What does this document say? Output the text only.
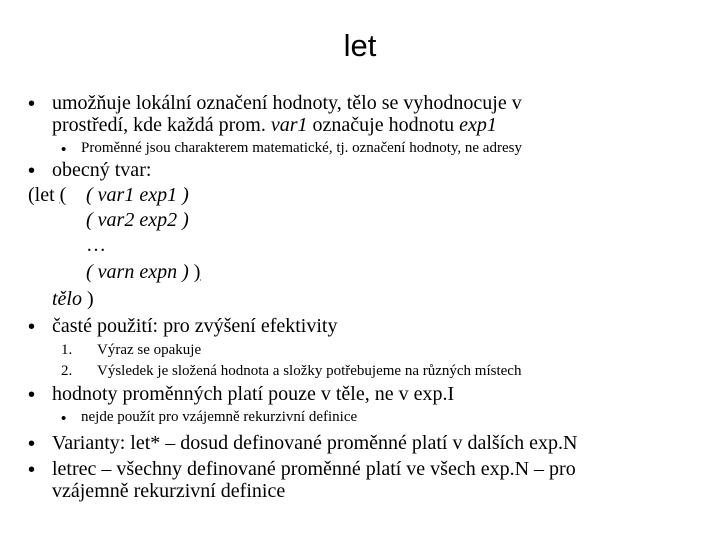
let
• umožňuje lokální označení hodnoty, tělo se vyhodnocuje v
prostředí, kde každá prom. var1 označuje hodnotu exp1
• Proměnné jsou charakterem matematické, tj. označení hodnoty, ne adresy
• obecný tvar:
(let ( ( var1 exp1 )
( var2 exp2 )
…
( varn expn ) )
tělo )
• časté použití: pro zvýšení efektivity
1. Výraz se opakuje
2. Výsledek je složená hodnota a složky potřebujeme na různých místech
• hodnoty proměnných platí pouze v těle, ne v exp.I
• nejde použít pro vzájemně rekurzivní definice
• Varianty: let* – dosud definované proměnné platí v dalších exp.N
• letrec – všechny definované proměnné platí ve všech exp.N – pro
vzájemně rekurzivní definice
